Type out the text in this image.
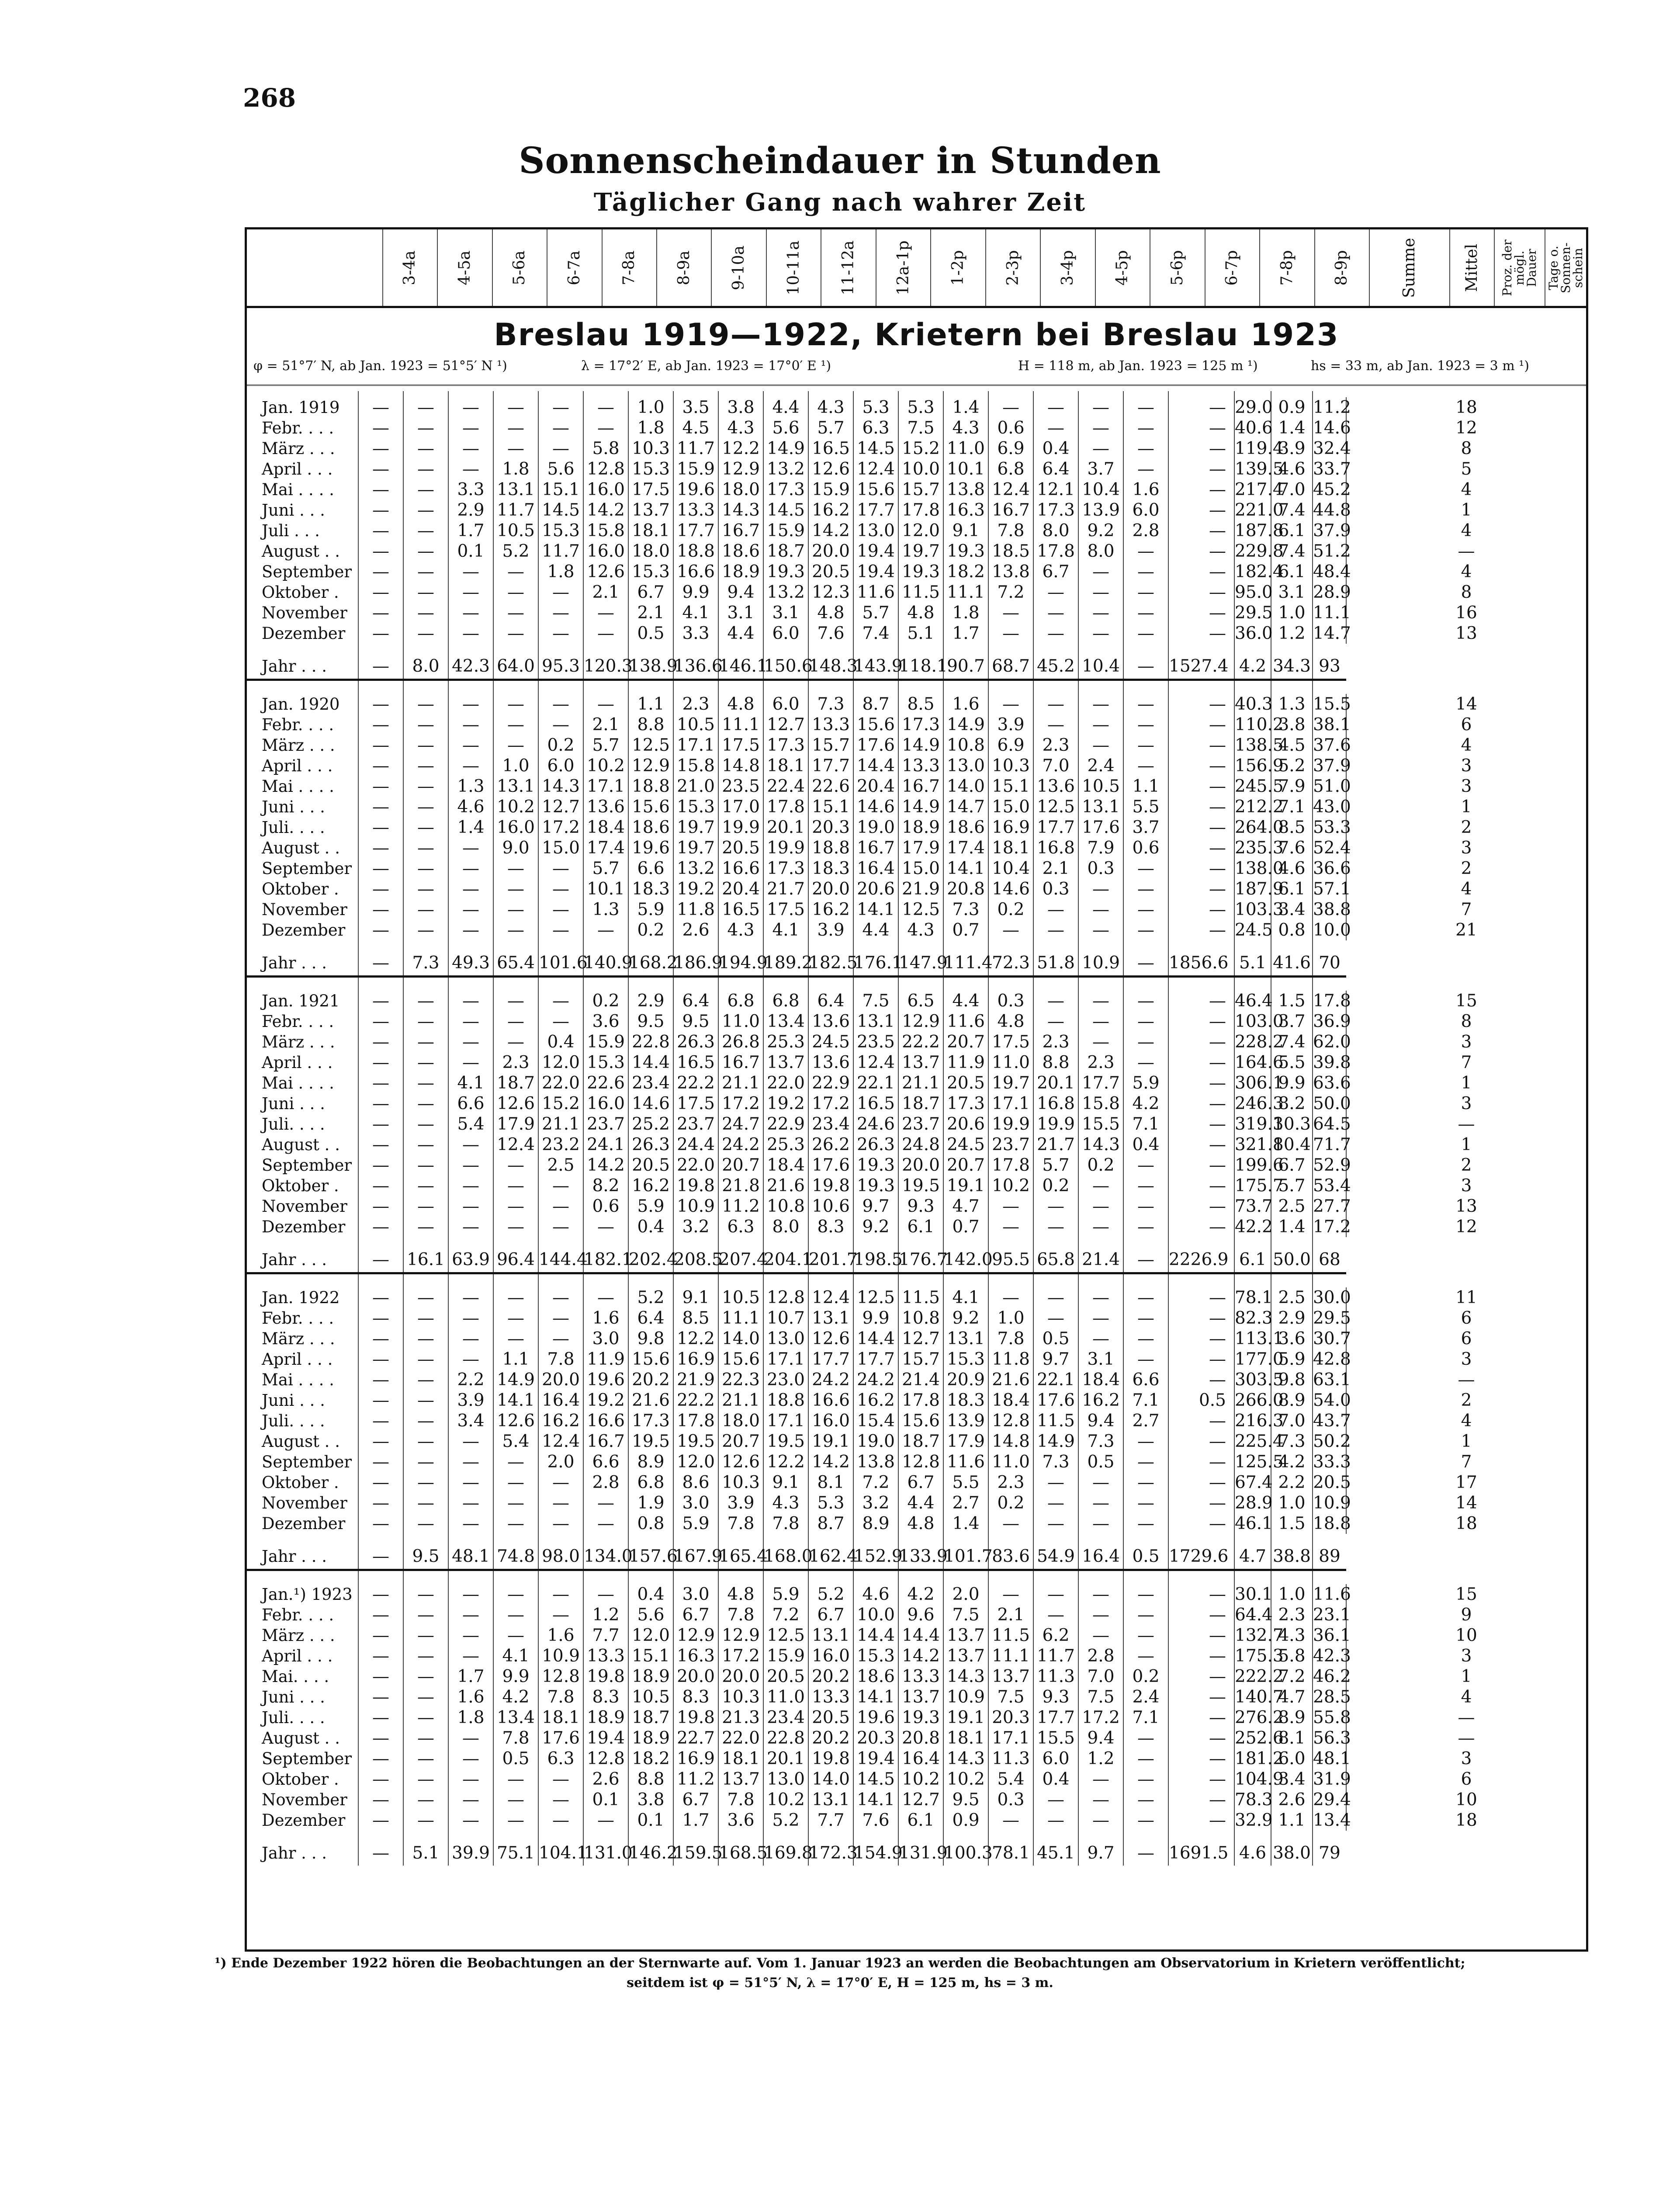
268
Sonnenscheindauer in Stunden
Täglicher Gang nach wahrer Zeit

3-4a	4-5a	5-6a	6-7a	7-8a	8-9a	9-10a	10-11a	11-12a	12a-1p	1-2p	2-3p	3-4p	4-5p	5-6p	6-7p	7-8p	8-9p	Summe	Mittel	Proz. der mögl. Dauer	Tage o. Sonnen-schein
Breslau 1919—1922, Krietern bei Breslau 1923
φ = 51°7′ N, ab Jan. 1923 = 51°5′ N ¹)	λ = 17°2′ E, ab Jan. 1923 = 17°0′ E ¹)	H = 118 m, ab Jan. 1923 = 125 m ¹)	hs = 33 m, ab Jan. 1923 = 3 m ¹)

Jan. 1919	—	—	—	—	—	—	1.0	3.5	3.8	4.4	4.3	5.3	5.3	1.4	—	—	—	—	—	29.0	0.9	11.2	18
Febr. . . .	—	—	—	—	—	—	1.8	4.5	4.3	5.6	5.7	6.3	7.5	4.3	0.6	—	—	—	—	40.6	1.4	14.6	12
März . . .	—	—	—	—	—	5.8	10.3	11.7	12.2	14.9	16.5	14.5	15.2	11.0	6.9	0.4	—	—	—	119.4	3.9	32.4	8
April . . .	—	—	—	1.8	5.6	12.8	15.3	15.9	12.9	13.2	12.6	12.4	10.0	10.1	6.8	6.4	3.7	—	—	139.5	4.6	33.7	5
Mai . . . .	—	—	3.3	13.1	15.1	16.0	17.5	19.6	18.0	17.3	15.9	15.6	15.7	13.8	12.4	12.1	10.4	1.6	—	217.4	7.0	45.2	4
Juni . . .	—	—	2.9	11.7	14.5	14.2	13.7	13.3	14.3	14.5	16.2	17.7	17.8	16.3	16.7	17.3	13.9	6.0	—	221.0	7.4	44.8	1
Juli . . .	—	—	1.7	10.5	15.3	15.8	18.1	17.7	16.7	15.9	14.2	13.0	12.0	9.1	7.8	8.0	9.2	2.8	—	187.8	6.1	37.9	4
August . .	—	—	0.1	5.2	11.7	16.0	18.0	18.8	18.6	18.7	20.0	19.4	19.7	19.3	18.5	17.8	8.0	—	—	229.8	7.4	51.2	—
September	—	—	—	—	1.8	12.6	15.3	16.6	18.9	19.3	20.5	19.4	19.3	18.2	13.8	6.7	—	—	—	182.4	6.1	48.4	4
Oktober .	—	—	—	—	—	2.1	6.7	9.9	9.4	13.2	12.3	11.6	11.5	11.1	7.2	—	—	—	—	95.0	3.1	28.9	8
November	—	—	—	—	—	—	2.1	4.1	3.1	3.1	4.8	5.7	4.8	1.8	—	—	—	—	—	29.5	1.0	11.1	16
Dezember	—	—	—	—	—	—	0.5	3.3	4.4	6.0	7.6	7.4	5.1	1.7	—	—	—	—	—	36.0	1.2	14.7	13

Jahr . . .	—	8.0	42.3	64.0	95.3	120.3	138.9	136.6	146.1	150.6	148.3	143.9	118.1	90.7	68.7	45.2	10.4	—	1527.4	4.2	34.3	93	

Jan. 1920	—	—	—	—	—	—	1.1	2.3	4.8	6.0	7.3	8.7	8.5	1.6	—	—	—	—	—	40.3	1.3	15.5	14
Febr. . . .	—	—	—	—	—	2.1	8.8	10.5	11.1	12.7	13.3	15.6	17.3	14.9	3.9	—	—	—	—	110.2	3.8	38.1	6
März . . .	—	—	—	—	0.2	5.7	12.5	17.1	17.5	17.3	15.7	17.6	14.9	10.8	6.9	2.3	—	—	—	138.5	4.5	37.6	4
April . . .	—	—	—	1.0	6.0	10.2	12.9	15.8	14.8	18.1	17.7	14.4	13.3	13.0	10.3	7.0	2.4	—	—	156.9	5.2	37.9	3
Mai . . . .	—	—	1.3	13.1	14.3	17.1	18.8	21.0	23.5	22.4	22.6	20.4	16.7	14.0	15.1	13.6	10.5	1.1	—	245.5	7.9	51.0	3
Juni . . .	—	—	4.6	10.2	12.7	13.6	15.6	15.3	17.0	17.8	15.1	14.6	14.9	14.7	15.0	12.5	13.1	5.5	—	212.2	7.1	43.0	1
Juli. . . .	—	—	1.4	16.0	17.2	18.4	18.6	19.7	19.9	20.1	20.3	19.0	18.9	18.6	16.9	17.7	17.6	3.7	—	264.0	8.5	53.3	2
August . .	—	—	—	9.0	15.0	17.4	19.6	19.7	20.5	19.9	18.8	16.7	17.9	17.4	18.1	16.8	7.9	0.6	—	235.3	7.6	52.4	3
September	—	—	—	—	—	5.7	6.6	13.2	16.6	17.3	18.3	16.4	15.0	14.1	10.4	2.1	0.3	—	—	138.0	4.6	36.6	2
Oktober .	—	—	—	—	—	10.1	18.3	19.2	20.4	21.7	20.0	20.6	21.9	20.8	14.6	0.3	—	—	—	187.9	6.1	57.1	4
November	—	—	—	—	—	1.3	5.9	11.8	16.5	17.5	16.2	14.1	12.5	7.3	0.2	—	—	—	—	103.3	3.4	38.8	7
Dezember	—	—	—	—	—	—	0.2	2.6	4.3	4.1	3.9	4.4	4.3	0.7	—	—	—	—	—	24.5	0.8	10.0	21

Jahr . . .	—	7.3	49.3	65.4	101.6	140.9	168.2	186.9	194.9	189.2	182.5	176.1	147.9	111.4	72.3	51.8	10.9	—	1856.6	5.1	41.6	70	

Jan. 1921	—	—	—	—	—	0.2	2.9	6.4	6.8	6.8	6.4	7.5	6.5	4.4	0.3	—	—	—	—	46.4	1.5	17.8	15
Febr. . . .	—	—	—	—	—	3.6	9.5	9.5	11.0	13.4	13.6	13.1	12.9	11.6	4.8	—	—	—	—	103.0	3.7	36.9	8
März . . .	—	—	—	—	0.4	15.9	22.8	26.3	26.8	25.3	24.5	23.5	22.2	20.7	17.5	2.3	—	—	—	228.2	7.4	62.0	3
April . . .	—	—	—	2.3	12.0	15.3	14.4	16.5	16.7	13.7	13.6	12.4	13.7	11.9	11.0	8.8	2.3	—	—	164.6	5.5	39.8	7
Mai . . . .	—	—	4.1	18.7	22.0	22.6	23.4	22.2	21.1	22.0	22.9	22.1	21.1	20.5	19.7	20.1	17.7	5.9	—	306.1	9.9	63.6	1
Juni . . .	—	—	6.6	12.6	15.2	16.0	14.6	17.5	17.2	19.2	17.2	16.5	18.7	17.3	17.1	16.8	15.8	4.2	—	246.3	8.2	50.0	3
Juli. . . .	—	—	5.4	17.9	21.1	23.7	25.2	23.7	24.7	22.9	23.4	24.6	23.7	20.6	19.9	19.9	15.5	7.1	—	319.3	10.3	64.5	—
August . .	—	—	—	12.4	23.2	24.1	26.3	24.4	24.2	25.3	26.2	26.3	24.8	24.5	23.7	21.7	14.3	0.4	—	321.8	10.4	71.7	1
September	—	—	—	—	2.5	14.2	20.5	22.0	20.7	18.4	17.6	19.3	20.0	20.7	17.8	5.7	0.2	—	—	199.6	6.7	52.9	2
Oktober .	—	—	—	—	—	8.2	16.2	19.8	21.8	21.6	19.8	19.3	19.5	19.1	10.2	0.2	—	—	—	175.7	5.7	53.4	3
November	—	—	—	—	—	0.6	5.9	10.9	11.2	10.8	10.6	9.7	9.3	4.7	—	—	—	—	—	73.7	2.5	27.7	13
Dezember	—	—	—	—	—	—	0.4	3.2	6.3	8.0	8.3	9.2	6.1	0.7	—	—	—	—	—	42.2	1.4	17.2	12

Jahr . . .	—	16.1	63.9	96.4	144.4	182.1	202.4	208.5	207.4	204.1	201.7	198.5	176.7	142.0	95.5	65.8	21.4	—	2226.9	6.1	50.0	68	

Jan. 1922	—	—	—	—	—	—	5.2	9.1	10.5	12.8	12.4	12.5	11.5	4.1	—	—	—	—	—	78.1	2.5	30.0	11
Febr. . . .	—	—	—	—	—	1.6	6.4	8.5	11.1	10.7	13.1	9.9	10.8	9.2	1.0	—	—	—	—	82.3	2.9	29.5	6
März . . .	—	—	—	—	—	3.0	9.8	12.2	14.0	13.0	12.6	14.4	12.7	13.1	7.8	0.5	—	—	—	113.1	3.6	30.7	6
April . . .	—	—	—	1.1	7.8	11.9	15.6	16.9	15.6	17.1	17.7	17.7	15.7	15.3	11.8	9.7	3.1	—	—	177.0	5.9	42.8	3
Mai . . . .	—	—	2.2	14.9	20.0	19.6	20.2	21.9	22.3	23.0	24.2	24.2	21.4	20.9	21.6	22.1	18.4	6.6	—	303.5	9.8	63.1	—
Juni . . .	—	—	3.9	14.1	16.4	19.2	21.6	22.2	21.1	18.8	16.6	16.2	17.8	18.3	18.4	17.6	16.2	7.1	0.5	266.0	8.9	54.0	2
Juli. . . .	—	—	3.4	12.6	16.2	16.6	17.3	17.8	18.0	17.1	16.0	15.4	15.6	13.9	12.8	11.5	9.4	2.7	—	216.3	7.0	43.7	4
August . .	—	—	—	5.4	12.4	16.7	19.5	19.5	20.7	19.5	19.1	19.0	18.7	17.9	14.8	14.9	7.3	—	—	225.4	7.3	50.2	1
September	—	—	—	—	2.0	6.6	8.9	12.0	12.6	12.2	14.2	13.8	12.8	11.6	11.0	7.3	0.5	—	—	125.5	4.2	33.3	7
Oktober .	—	—	—	—	—	2.8	6.8	8.6	10.3	9.1	8.1	7.2	6.7	5.5	2.3	—	—	—	—	67.4	2.2	20.5	17
November	—	—	—	—	—	—	1.9	3.0	3.9	4.3	5.3	3.2	4.4	2.7	0.2	—	—	—	—	28.9	1.0	10.9	14
Dezember	—	—	—	—	—	—	0.8	5.9	7.8	7.8	8.7	8.9	4.8	1.4	—	—	—	—	—	46.1	1.5	18.8	18

Jahr . . .	—	9.5	48.1	74.8	98.0	134.0	157.6	167.9	165.4	168.0	162.4	152.9	133.9	101.7	83.6	54.9	16.4	0.5	1729.6	4.7	38.8	89	

Jan.¹) 1923	—	—	—	—	—	—	0.4	3.0	4.8	5.9	5.2	4.6	4.2	2.0	—	—	—	—	—	30.1	1.0	11.6	15
Febr. . . .	—	—	—	—	—	1.2	5.6	6.7	7.8	7.2	6.7	10.0	9.6	7.5	2.1	—	—	—	—	64.4	2.3	23.1	9
März . . .	—	—	—	—	1.6	7.7	12.0	12.9	12.9	12.5	13.1	14.4	14.4	13.7	11.5	6.2	—	—	—	132.7	4.3	36.1	10
April . . .	—	—	—	4.1	10.9	13.3	15.1	16.3	17.2	15.9	16.0	15.3	14.2	13.7	11.1	11.7	2.8	—	—	175.3	5.8	42.3	3
Mai. . . .	—	—	1.7	9.9	12.8	19.8	18.9	20.0	20.0	20.5	20.2	18.6	13.3	14.3	13.7	11.3	7.0	0.2	—	222.2	7.2	46.2	1
Juni . . .	—	—	1.6	4.2	7.8	8.3	10.5	8.3	10.3	11.0	13.3	14.1	13.7	10.9	7.5	9.3	7.5	2.4	—	140.7	4.7	28.5	4
Juli. . . .	—	—	1.8	13.4	18.1	18.9	18.7	19.8	21.3	23.4	20.5	19.6	19.3	19.1	20.3	17.7	17.2	7.1	—	276.2	8.9	55.8	—
August . .	—	—	—	7.8	17.6	19.4	18.9	22.7	22.0	22.8	20.2	20.3	20.8	18.1	17.1	15.5	9.4	—	—	252.6	8.1	56.3	—
September	—	—	—	0.5	6.3	12.8	18.2	16.9	18.1	20.1	19.8	19.4	16.4	14.3	11.3	6.0	1.2	—	—	181.2	6.0	48.1	3
Oktober .	—	—	—	—	—	2.6	8.8	11.2	13.7	13.0	14.0	14.5	10.2	10.2	5.4	0.4	—	—	—	104.9	3.4	31.9	6
November	—	—	—	—	—	0.1	3.8	6.7	7.8	10.2	13.1	14.1	12.7	9.5	0.3	—	—	—	—	78.3	2.6	29.4	10
Dezember	—	—	—	—	—	—	0.1	1.7	3.6	5.2	7.7	7.6	6.1	0.9	—	—	—	—	—	32.9	1.1	13.4	18

Jahr . . .	—	5.1	39.9	75.1	104.1	131.0	146.2	159.5	168.5	169.8	172.3	154.9	131.9	100.3	78.1	45.1	9.7	—	1691.5	4.6	38.0	79	
¹) Ende Dezember 1922 hören die Beobachtungen an der Sternwarte auf. Vom 1. Januar 1923 an werden die Beobachtungen am Observatorium in Krietern veröffentlicht;
seitdem ist φ = 51°5′ N, λ = 17°0′ E, H = 125 m, hs = 3 m.
